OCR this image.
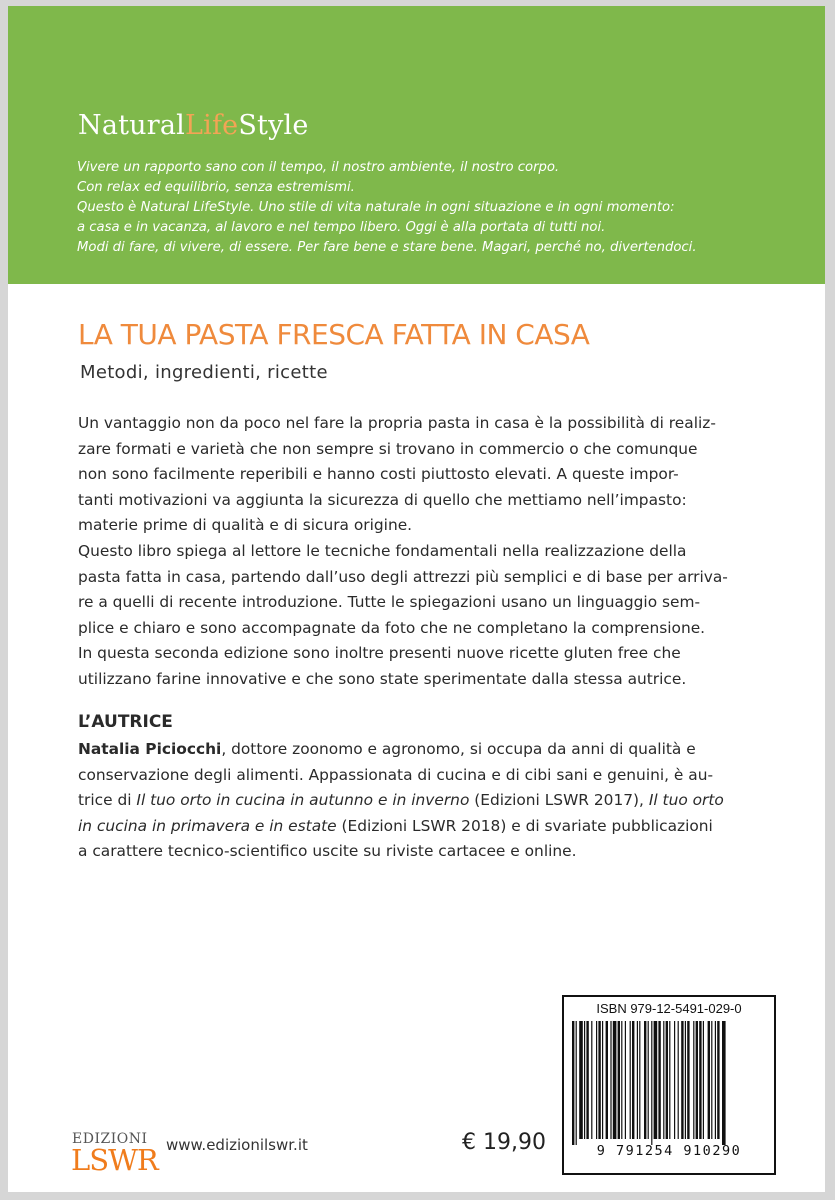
NaturalLifeStyle
Vivere un rapporto sano con il tempo, il nostro ambiente, il nostro corpo.
Con relax ed equilibrio, senza estremismi.
Questo è Natural LifeStyle. Uno stile di vita naturale in ogni situazione e in ogni momento:
a casa e in vacanza, al lavoro e nel tempo libero. Oggi è alla portata di tutti noi.
Modi di fare, di vivere, di essere. Per fare bene e stare bene. Magari, perché no, divertendoci.
LA TUA PASTA FRESCA FATTA IN CASA
Metodi, ingredienti, ricette
Un vantaggio non da poco nel fare la propria pasta in casa è la possibilità di realiz-
zare formati e varietà che non sempre si trovano in commercio o che comunque
non sono facilmente reperibili e hanno costi piuttosto elevati. A queste impor-
tanti motivazioni va aggiunta la sicurezza di quello che mettiamo nell’impasto:
materie prime di qualità e di sicura origine.
Questo libro spiega al lettore le tecniche fondamentali nella realizzazione della
pasta fatta in casa, partendo dall’uso degli attrezzi più semplici e di base per arriva-
re a quelli di recente introduzione. Tutte le spiegazioni usano un linguaggio sem-
plice e chiaro e sono accompagnate da foto che ne completano la comprensione.
In questa seconda edizione sono inoltre presenti nuove ricette gluten free che
utilizzano farine innovative e che sono state sperimentate dalla stessa autrice.
L’AUTRICE
Natalia Piciocchi, dottore zoonomo e agronomo, si occupa da anni di qualità e
conservazione degli alimenti. Appassionata di cucina e di cibi sani e genuini, è au-
trice di Il tuo orto in cucina in autunno e in inverno (Edizioni LSWR 2017), Il tuo orto
in cucina in primavera e in estate (Edizioni LSWR 2018) e di svariate pubblicazioni
a carattere tecnico-scientifico uscite su riviste cartacee e online.
ISBN 979-12-5491-029-0
9 791254 910290
EDIZIONI
LSWR www.edizionilswr.it	€ 19,90
